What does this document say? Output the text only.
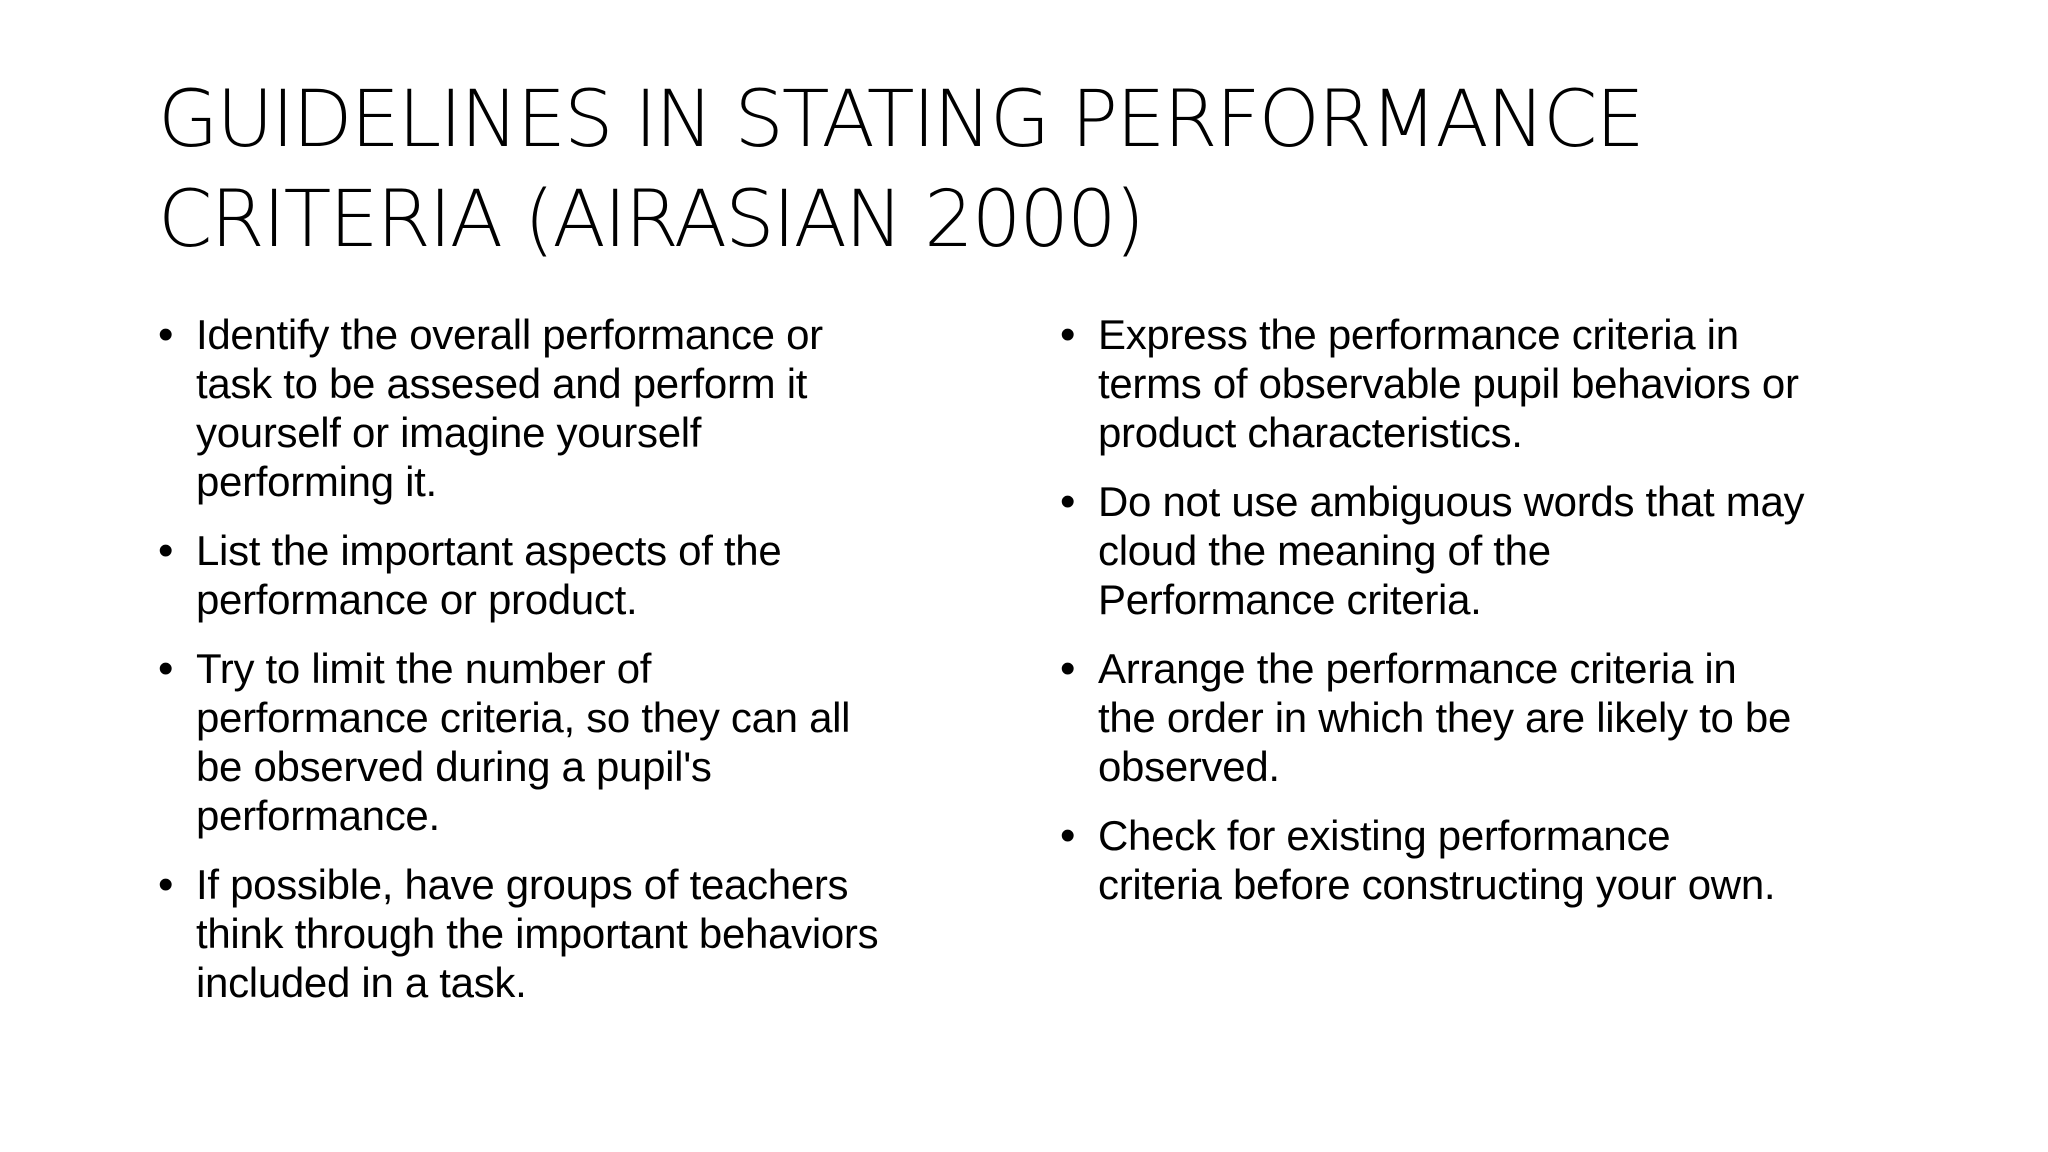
GUIDELINES IN STATING PERFORMANCE
CRITERIA (AIRASIAN 2000)
• Identify the overall performance or
task to be assesed and perform it
yourself or imagine yourself
performing it.
• List the important aspects of the
performance or product.
• Try to limit the number of
performance criteria, so they can all
be observed during a pupil's
performance.
• If possible, have groups of teachers
think through the important behaviors
included in a task.
• Express the performance criteria in
terms of observable pupil behaviors or
product characteristics.
• Do not use ambiguous words that may
cloud the meaning of the
Performance criteria.
• Arrange the performance criteria in
the order in which they are likely to be
observed.
• Check for existing performance
criteria before constructing your own.
